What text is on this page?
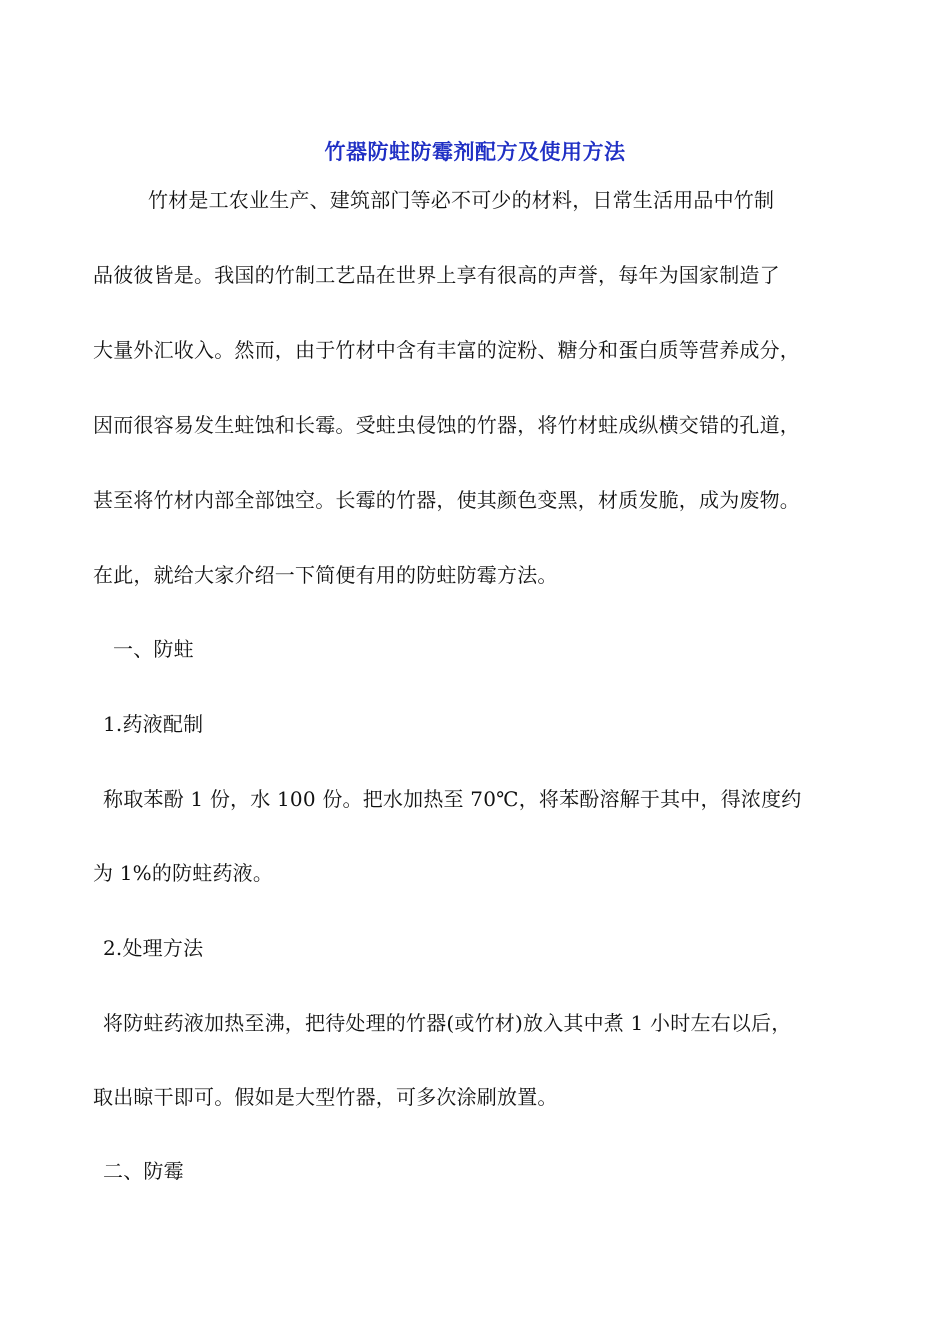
竹器防蛀防霉剂配方及使用方法
竹材是工农业生产、建筑部门等必不可少的材料，日常生活用品中竹制
品彼彼皆是。我国的竹制工艺品在世界上享有很高的声誉，每年为国家制造了
大量外汇收入。然而，由于竹材中含有丰富的淀粉、糖分和蛋白质等营养成分，
因而很容易发生蛀蚀和长霉。受蛀虫侵蚀的竹器，将竹材蛀成纵横交错的孔道，
甚至将竹材内部全部蚀空。长霉的竹器，使其颜色变黑，材质发脆，成为废物。
在此，就给大家介绍一下简便有用的防蛀防霉方法。
一、防蛀
1.药液配制
称取苯酚 1 份，水 100 份。把水加热至 70℃，将苯酚溶解于其中，得浓度约
为 1%的防蛀药液。
2.处理方法
将防蛀药液加热至沸，把待处理的竹器(或竹材)放入其中煮 1 小时左右以后，
取出晾干即可。假如是大型竹器，可多次涂刷放置。
二、防霉
